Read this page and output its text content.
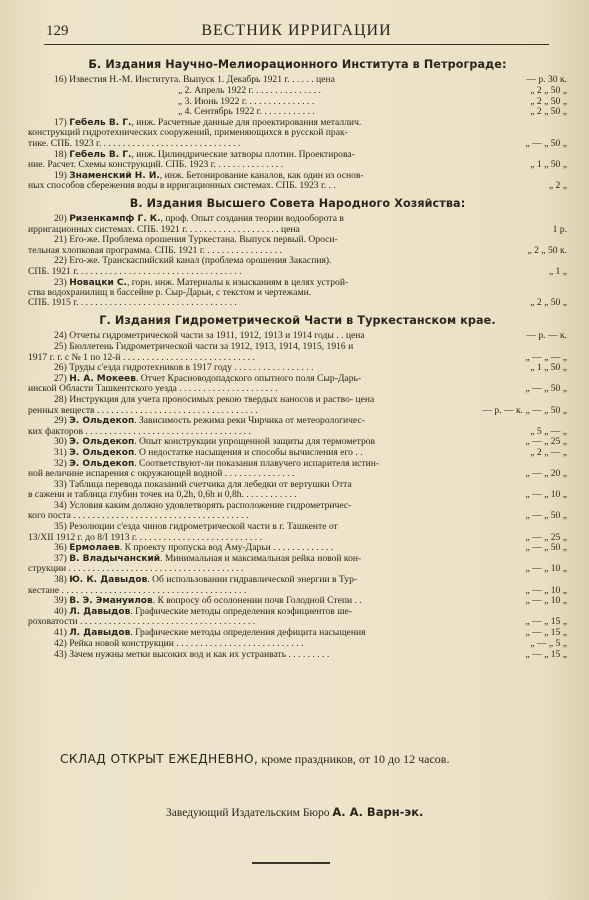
129	ВЕСТНИК ИРРИГАЦИИ
Б. Издания Научно-Мелиорационного Института в Петрограде:
16) Известия Н.-М. Института. Выпуск 1. Декабрь 1921 г. . . . . . цена	— р. 30 к.
„ 2. Апрель 1922 г. . . . . . . . . . . . . . .	„ 2 „ 50 „
„ 3. Июнь 1922 г. . . . . . . . . . . . . . .	„ 2 „ 50 „
„ 4. Сентябрь 1922 г. . . . . . . . . . . .	„ 2 „ 50 „
17) Гебель В. Г., инж. Расчетные данные для проектирования металлич.
конструкций гидротехнических сооружений, применяющихся в русской прак-
тике. СПБ. 1923 г. . . . . . . . . . . . . . . . . . . . . . . . . . . . . .	„ — „ 50 „
18) Гебель В. Г., инж. Цилиндрические затворы плотин. Проектирова-
ние. Расчет. Схемы конструкций. СПБ. 1923 г. . . . . . . . . . . . . . .	„ 1 „ 50 „
19) Знаменский Н. И., инж. Бетонирование каналов, как один из основ-
ных способов сбережения воды в ирригационных системах. СПБ. 1923 г. . .	„ 2 „
В. Издания Высшего Совета Народного Хозяйства:
20) Ризенкампф Г. К., проф. Опыт создания теории водооборота в
ирригационных системах. СПБ. 1921 г. . . . . . . . . . . . . . . . . . . . цена	1 р.
21) Его-же. Проблема орошения Туркестана. Выпуск первый. Ороси-
тельная хлопковая программа. СПБ. 1921 г. . . . . . . . . . . . . . . . .	„ 2 „ 50 к.
22) Его-же. Транскаспийский канал (проблема орошения Закаспия).
СПБ. 1921 г. . . . . . . . . . . . . . . . . . . . . . . . . . . . . . . . . . .	„ 1 „
23) Новацки С., горн. инж. Материалы к изысканиям в целях устрой-
ства водохранилищ в бассейне р. Сыр-Дарьи, с текстом и чертежами.
СПБ. 1915 г. . . . . . . . . . . . . . . . . . . . . . . . . . . . . . . . . .	„ 2 „ 50 „
Г. Издания Гидрометрической Части в Туркестанском крае.
24) Отчеты гидрометрической части за 1911, 1912, 1913 и 1914 годы . . цена	— р. — к.
25) Бюллетень Гидрометрической части за 1912, 1913, 1914, 1915, 1916 и
1917 г. г. с № 1 по 12-й . . . . . . . . . . . . . . . . . . . . . . . . . . . .	„ — „ — „
26) Труды с'езда гидротехников в 1917 году . . . . . . . . . . . . . . . . .	„ 1 „ 50 „
27) Н. А. Мокеев. Отчет Красноводопадского опытного поля Сыр-Дарь-
инской Области Ташкентского уезда . . . . . . . . . . . . . . . . . . . . .	„ — „ 50 „
28) Инструкция для учета проносимых рекою твердых наносов и раство- цена
ренных веществ . . . . . . . . . . . . . . . . . . . . . . . . . . . . . . . . . .	— р. — к. „ — „ 50 „
29) Э. Ольдекоп. Зависимость режима реки Чирчика от метеорологичес-
ких факторов . . . . . . . . . . . . . . . . . . . . . . . . . . . . . . . . . . .	„ 5 „ — „
30) Э. Ольдекоп. Опыт конструкции упрощенной защиты для термометров	„ — „ 25 „
31) Э. Ольдекоп. О недостатке насыщения и способы вычисления его . .	„ 2 „ — „
32) Э. Ольдекоп. Соответствуют-ли показания плавучего испарителя истин-
ной величине испарения с окружающей водной . . . . . . . . . . . . . . .	„ — „ 20 „
33) Таблица перевода показаний счетчика для лебедки от вертушки Отта
в сажени и таблица глубин точек на 0,2h, 0,6h и 0,8h. . . . . . . . . . . .	„ — „ 10 „
34) Условия каким должно удовлетворять расположение гидрометричес-
кого поста . . . . . . . . . . . . . . . . . . . . . . . . . . . . . . . . . . . . .	„ — „ 50 „
35) Резолюции с'езда чинов гидрометрической части в г. Ташкенте от
13/XII 1912 г. до 8/I 1913 г. . . . . . . . . . . . . . . . . . . . . . . . . . .	„ — „ 25 „
36) Ермолаев. К проекту пропуска вод Аму-Дарьи . . . . . . . . . . . . .	„ — „ 50 „
37) В. Владычанский. Минимальная и максимальная рейка новой кон-
струкции . . . . . . . . . . . . . . . . . . . . . . . . . . . . . . . . . . . . .	„ — „ 10 „
38) Ю. К. Давыдов. Об использовании гидравлической энергии в Тур-
кестане . . . . . . . . . . . . . . . . . . . . . . . . . . . . . . . . . . . . . . .	„ — „ 10 „
39) В. Э. Эмануилов. К вопросу об осолонении почв Голодной Степи . .	„ — „ 10 „
40) Л. Давыдов. Графические методы определения коэфициентов ше-
роховатости . . . . . . . . . . . . . . . . . . . . . . . . . . . . . . . . . . . . .	„ — „ 15 „
41) Л. Давыдов. Графические методы определения дефицита насыщения	„ — „ 15 „
42) Рейка новой конструкции . . . . . . . . . . . . . . . . . . . . . . . . . . .	„ — „ 5 „
43) Зачем нужны метки высоких вод и как их устраивать . . . . . . . . .	„ — „ 15 „
СКЛАД ОТКРЫТ ЕЖЕДНЕВНО, кроме праздников, от 10 до 12 часов.
Заведующий Издательским Бюро А. А. Варн-эк.
